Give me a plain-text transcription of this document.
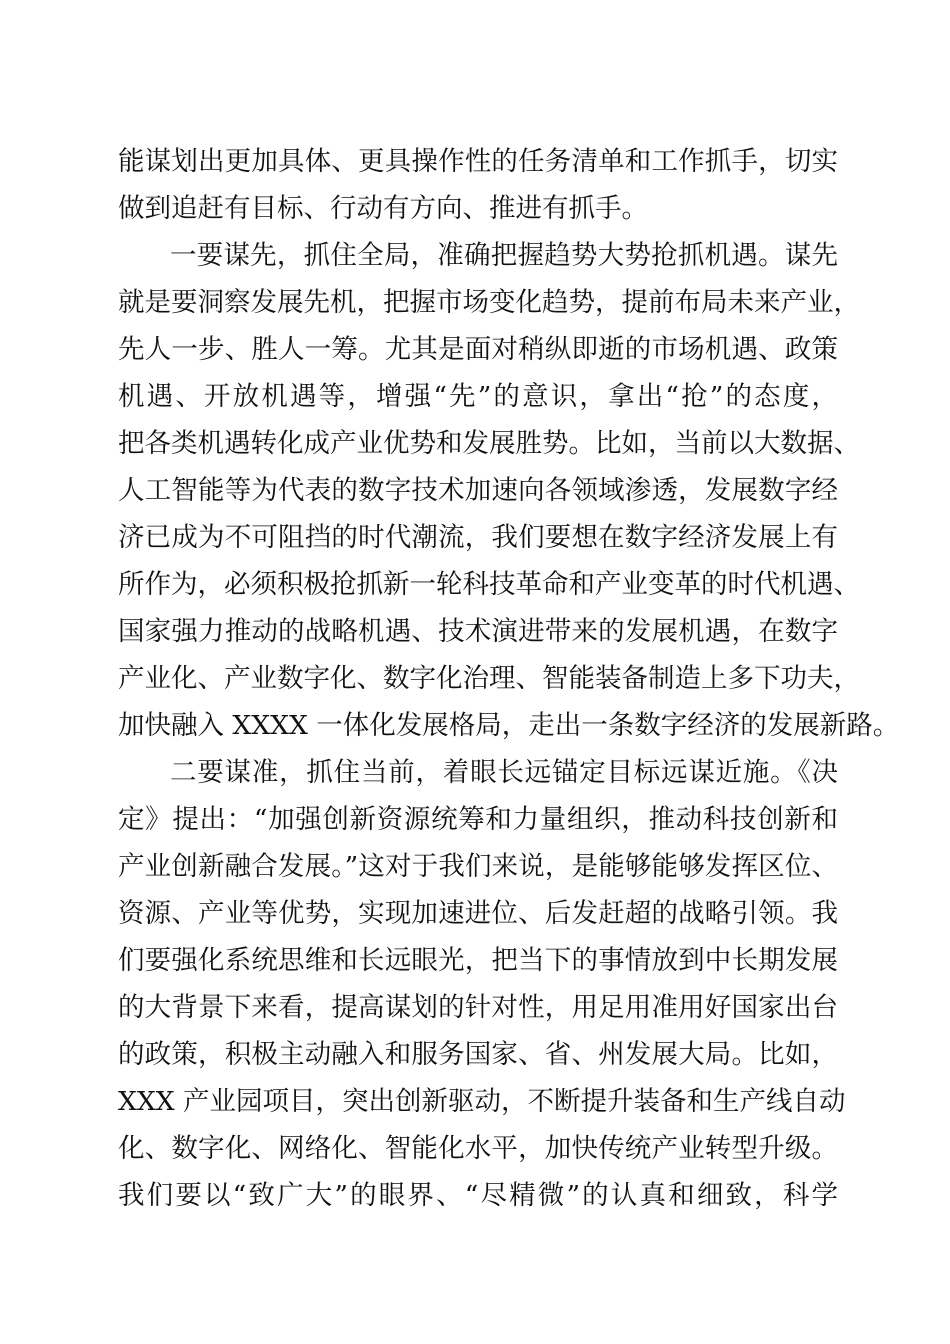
能谋划出更加具体、更具操作性的任务清单和工作抓手，切实
做到追赶有目标、行动有方向、推进有抓手。
一要谋先，抓住全局，准确把握趋势大势抢抓机遇。谋先
就是要洞察发展先机，把握市场变化趋势，提前布局未来产业，
先人一步、胜人一筹。尤其是面对稍纵即逝的市场机遇、政策
机遇、开放机遇等，增强“先”的意识，拿出“抢”的态度，
把各类机遇转化成产业优势和发展胜势。比如，当前以大数据、
人工智能等为代表的数字技术加速向各领域渗透，发展数字经
济已成为不可阻挡的时代潮流，我们要想在数字经济发展上有
所作为，必须积极抢抓新一轮科技革命和产业变革的时代机遇、
国家强力推动的战略机遇、技术演进带来的发展机遇，在数字
产业化、产业数字化、数字化治理、智能装备制造上多下功夫，
加快融入 XXXX 一体化发展格局，走出一条数字经济的发展新路。
二要谋准，抓住当前，着眼长远锚定目标远谋近施。《决
定》提出：“加强创新资源统筹和力量组织，推动科技创新和
产业创新融合发展。”这对于我们来说，是能够能够发挥区位、
资源、产业等优势，实现加速进位、后发赶超的战略引领。我
们要强化系统思维和长远眼光，把当下的事情放到中长期发展
的大背景下来看，提高谋划的针对性，用足用准用好国家出台
的政策，积极主动融入和服务国家、省、州发展大局。比如，
XXX 产业园项目，突出创新驱动，不断提升装备和生产线自动
化、数字化、网络化、智能化水平，加快传统产业转型升级。
我们要以“致广大”的眼界、“尽精微”的认真和细致，科学
